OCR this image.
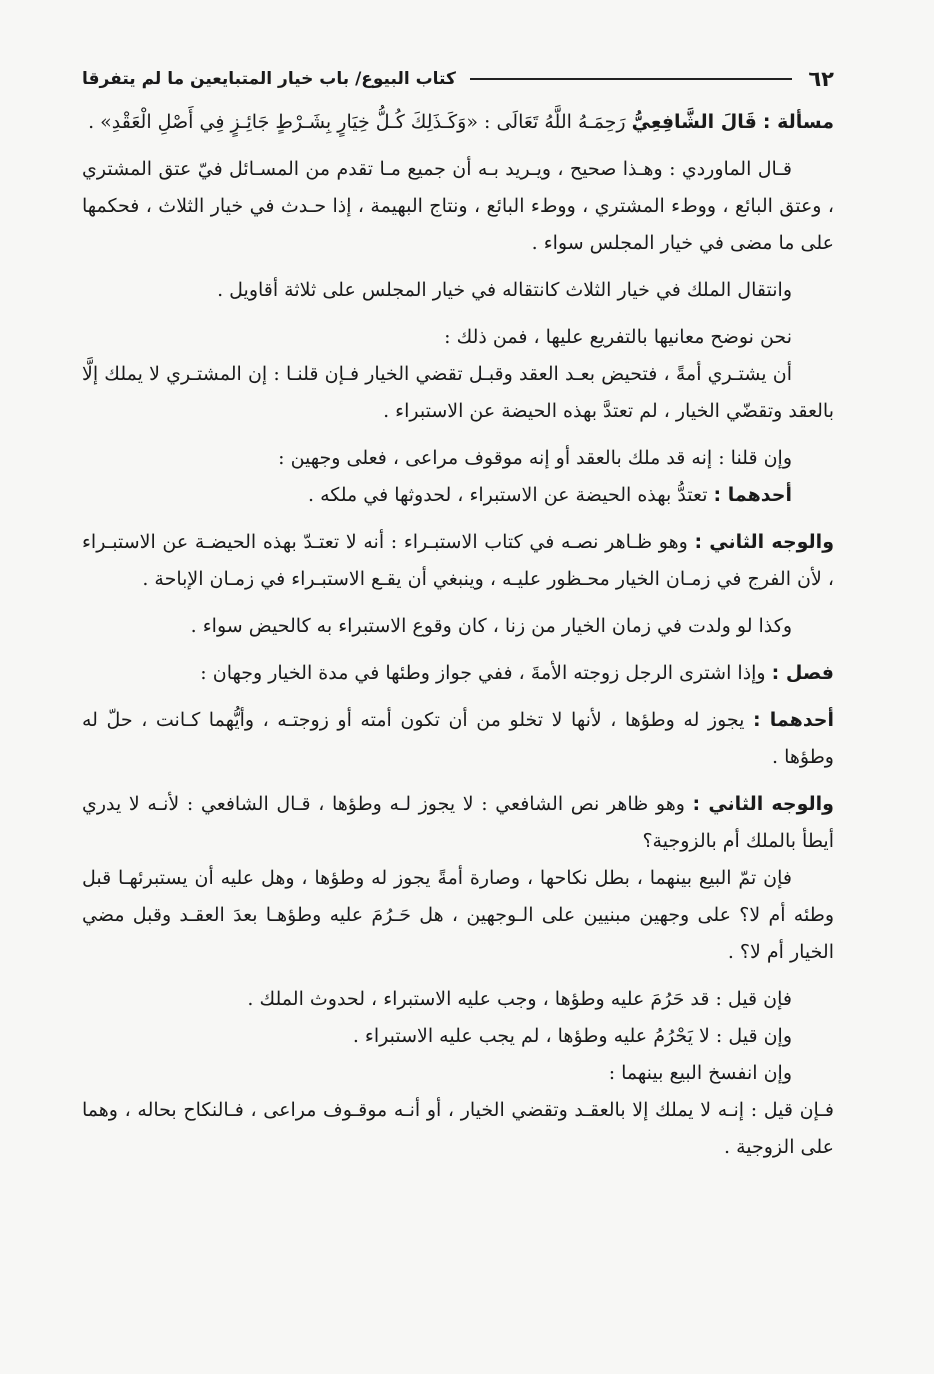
٦٢
كتاب البيوع/ باب خيار المتبايعين ما لم يتفرقا

مسألة : قَالَ الشَّافِعِيُّ رَحِمَـهُ اللَّهُ تَعَالَى : «وَكَـذَلِكَ كُـلُّ خِيَارٍ بِشَـرْطٍ جَائِـزٍ فِي أَصْلِ الْعَقْدِ» .

قـال الماوردي : وهـذا صحيح ، ويـريد بـه أن جميع مـا تقدم من المسـائل فيّ عتق المشتري ، وعتق البائع ، ووطء المشتري ، ووطء البائع ، ونتاج البهيمة ، إذا حـدث في خيار الثلاث ، فحكمها على ما مضى في خيار المجلس سواء .

وانتقال الملك في خيار الثلاث كانتقاله في خيار المجلس على ثلاثة أقاويل .

نحن نوضح معانيها بالتفريع عليها ، فمن ذلك :

أن يشتـري أمةً ، فتحيض بعـد العقد وقبـل تقضي الخيار فـإن قلنـا : إن المشتـري لا يملك إلَّا بالعقد وتقضّي الخيار ، لم تعتدَّ بهذه الحيضة عن الاستبراء .

وإن قلنا : إنه قد ملك بالعقد أو إنه موقوف مراعى ، فعلى وجهين :

أحدهما : تعتدُّ بهذه الحيضة عن الاستبراء ، لحدوثها في ملكه .

والوجه الثاني : وهو ظـاهر نصـه في كتاب الاستبـراء : أنه لا تعتـدّ بهذه الحيضـة عن الاستبـراء ، لأن الفرج في زمـان الخيار محـظور عليـه ، وينبغي أن يقـع الاستبـراء في زمـان الإباحة .

وكذا لو ولدت في زمان الخيار من زنا ، كان وقوع الاستبراء به كالحيض سواء .

فصل : وإذا اشترى الرجل زوجته الأمةَ ، ففي جواز وطئها في مدة الخيار وجهان :

أحدهما : يجوز له وطؤها ، لأنها لا تخلو من أن تكون أمته أو زوجتـه ، وأيُّهما كـانت ، حلّ له وطؤها .

والوجه الثاني : وهو ظاهر نص الشافعي : لا يجوز لـه وطؤها ، قـال الشافعي : لأنـه لا يدري أيطأ بالملك أم بالزوجية؟

فإن تمّ البيع بينهما ، بطل نكاحها ، وصارة أمةً يجوز له وطؤها ، وهل عليه أن يستبرئهـا قبل وطئه أم لا؟ على وجهين مبنيين على الـوجهين ، هل حَـرُمَ عليه وطؤهـا بعدَ العقـد وقبل مضي الخيار أم لا؟ .

فإن قيل : قد حَرُمَ عليه وطؤها ، وجب عليه الاستبراء ، لحدوث الملك .

وإن قيل : لا يَحْرُمُ عليه وطؤها ، لم يجب عليه الاستبراء .

وإن انفسخ البيع بينهما :

فـإن قيل : إنـه لا يملك إلا بالعقـد وتقضي الخيار ، أو أنـه موقـوف مراعى ، فـالنكاح بحاله ، وهما على الزوجية .
